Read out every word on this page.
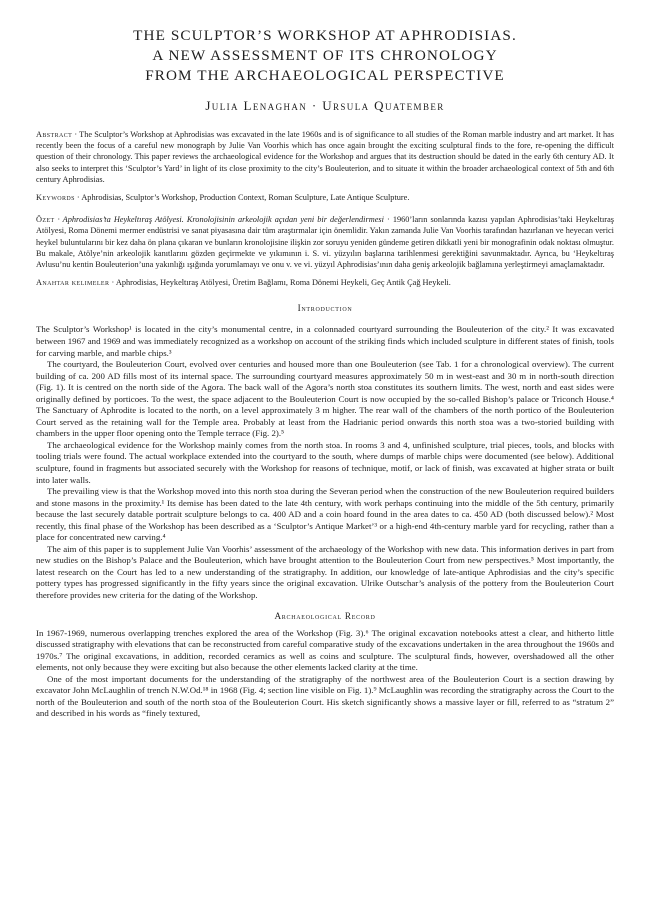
THE SCULPTOR’S WORKSHOP AT APHRODISIAS.
A NEW ASSESSMENT OF ITS CHRONOLOGY
FROM THE ARCHAEOLOGICAL PERSPECTIVE
Julia Lenaghan · Ursula Quatember

Abstract · The Sculptor’s Workshop at Aphrodisias was excavated in the late 1960s and is of significance to all studies of the Roman marble industry and art market. It has recently been the focus of a careful new monograph by Julie Van Voorhis which has once again brought the exciting sculptural finds to the fore, re-opening the difficult question of their chronology. This paper reviews the archaeological evidence for the Workshop and argues that its destruction should be dated in the early 6th century AD. It also seeks to interpret this ‘Sculptor’s Yard’ in light of its close proximity to the city’s Bouleuterion, and to situate it within the broader archaeological context of 5th and 6th century Aphrodisias.

Keywords · Aphrodisias, Sculptor’s Workshop, Production Context, Roman Sculpture, Late Antique Sculpture.

Özet · Aphrodisias’ta Heykeltıraş Atölyesi. Kronolojisinin arkeolojik açıdan yeni bir değerlendirmesi · 1960’ların sonlarında kazısı yapılan Aphrodisias’taki Heykeltıraş Atölyesi, Roma Dönemi mermer endüstrisi ve sanat piyasasına dair tüm araştırmalar için önemlidir. Yakın zamanda Julie Van Voorhis tarafından hazırlanan ve heyecan verici heykel buluntularını bir kez daha ön plana çıkaran ve bunların kronolojisine ilişkin zor soruyu yeniden gündeme getiren dikkatli yeni bir monografinin odak noktası olmuştur. Bu makale, Atölye’nin arkeolojik kanıtlarını gözden geçirmekte ve yıkımının i. S. vi. yüzyılın başlarına tarihlenmesi gerektiğini savunmaktadır. Ayrıca, bu ‘Heykeltıraş Avlusu’nu kentin Bouleuterion’una yakınlığı ışığında yorumlamayı ve onu v. ve vi. yüzyıl Aphrodisias’ının daha geniş arkeolojik bağlamına yerleştirmeyi amaçlamaktadır.

Anahtar kelimeler · Aphrodisias, Heykeltıraş Atölyesi, Üretim Bağlamı, Roma Dönemi Heykeli, Geç Antik Çağ Heykeli.

Introduction

The Sculptor’s Workshop¹ is located in the city’s monumental centre, in a colonnaded courtyard surrounding the Bouleuterion of the city.² It was excavated between 1967 and 1969 and was immediately recognized as a workshop on account of the striking finds which included sculpture in different states of finish, tools for carving marble, and marble chips.³

The courtyard, the Bouleuterion Court, evolved over centuries and housed more than one Bouleuterion (see Tab. 1 for a chronological overview). The current building of ca. 200 AD fills most of its internal space. The surrounding courtyard measures approximately 50 m in west-east and 30 m in north-south direction (Fig. 1). It is centred on the north side of the Agora. The back wall of the Agora’s north stoa constitutes its southern limits. The west, north and east sides were originally defined by porticoes. To the west, the space adjacent to the Bouleuterion Court is now occupied by the so-called Bishop’s palace or Triconch House.⁴ The Sanctuary of Aphrodite is located to the north, on a level approximately 3 m higher. The rear wall of the chambers of the north portico of the Bouleuterion Court served as the retaining wall for the Temple area. Probably at least from the Hadrianic period onwards this north stoa was a two-storied building with chambers in the upper floor opening onto the Temple terrace (Fig. 2).⁵

The archaeological evidence for the Workshop mainly comes from the north stoa. In rooms 3 and 4, unfinished sculpture, trial pieces, tools, and blocks with tooling trials were found. The actual workplace extended into the courtyard to the south, where dumps of marble chips were documented (see below). Additional sculpture, found in fragments but associated securely with the Workshop for reasons of technique, motif, or lack of finish, was excavated at higher strata or built into later walls.

The prevailing view is that the Workshop moved into this north stoa during the Severan period when the construction of the new Bouleuterion required builders and stone masons in the proximity.¹ Its demise has been dated to the late 4th century, with work perhaps continuing into the middle of the 5th century, primarily because the last securely datable portrait sculpture belongs to ca. 400 AD and a coin hoard found in the area dates to ca. 450 AD (both discussed below).² Most recently, this final phase of the Workshop has been described as a ‘Sculptor’s Antique Market’³ or a high-end 4th-century marble yard for recycling, rather than a place for concentrated new carving.⁴

The aim of this paper is to supplement Julie Van Voorhis’ assessment of the archaeology of the Workshop with new data. This information derives in part from new studies on the Bishop’s Palace and the Bouleuterion, which have brought attention to the Bouleuterion Court from new perspectives.⁵ Most importantly, the latest research on the Court has led to a new understanding of the stratigraphy. In addition, our knowledge of late-antique Aphrodisias and the city’s specific pottery types has progressed significantly in the fifty years since the original excavation. Ulrike Outschar’s analysis of the pottery from the Bouleuterion Court therefore provides new criteria for the dating of the Workshop.

Archaeological Record

In 1967-1969, numerous overlapping trenches explored the area of the Workshop (Fig. 3).⁶ The original excavation notebooks attest a clear, and hitherto little discussed stratigraphy with elevations that can be reconstructed from careful comparative study of the excavations undertaken in the area throughout the 1960s and 1970s.⁷ The original excavations, in addition, recorded ceramics as well as coins and sculpture. The sculptural finds, however, overshadowed all the other elements, not only because they were exciting but also because the other elements lacked clarity at the time.

One of the most important documents for the understanding of the stratigraphy of the northwest area of the Bouleuterion Court is a section drawing by excavator John McLaughlin of trench N.W.Od.¹⁸ in 1968 (Fig. 4; section line visible on Fig. 1).⁹ McLaughlin was recording the stratigraphy across the Court to the north of the Bouleuterion and south of the north stoa of the Bouleuterion Court. His sketch significantly shows a massive layer or fill, referred to as “stratum 2” and described in his words as “finely textured,
